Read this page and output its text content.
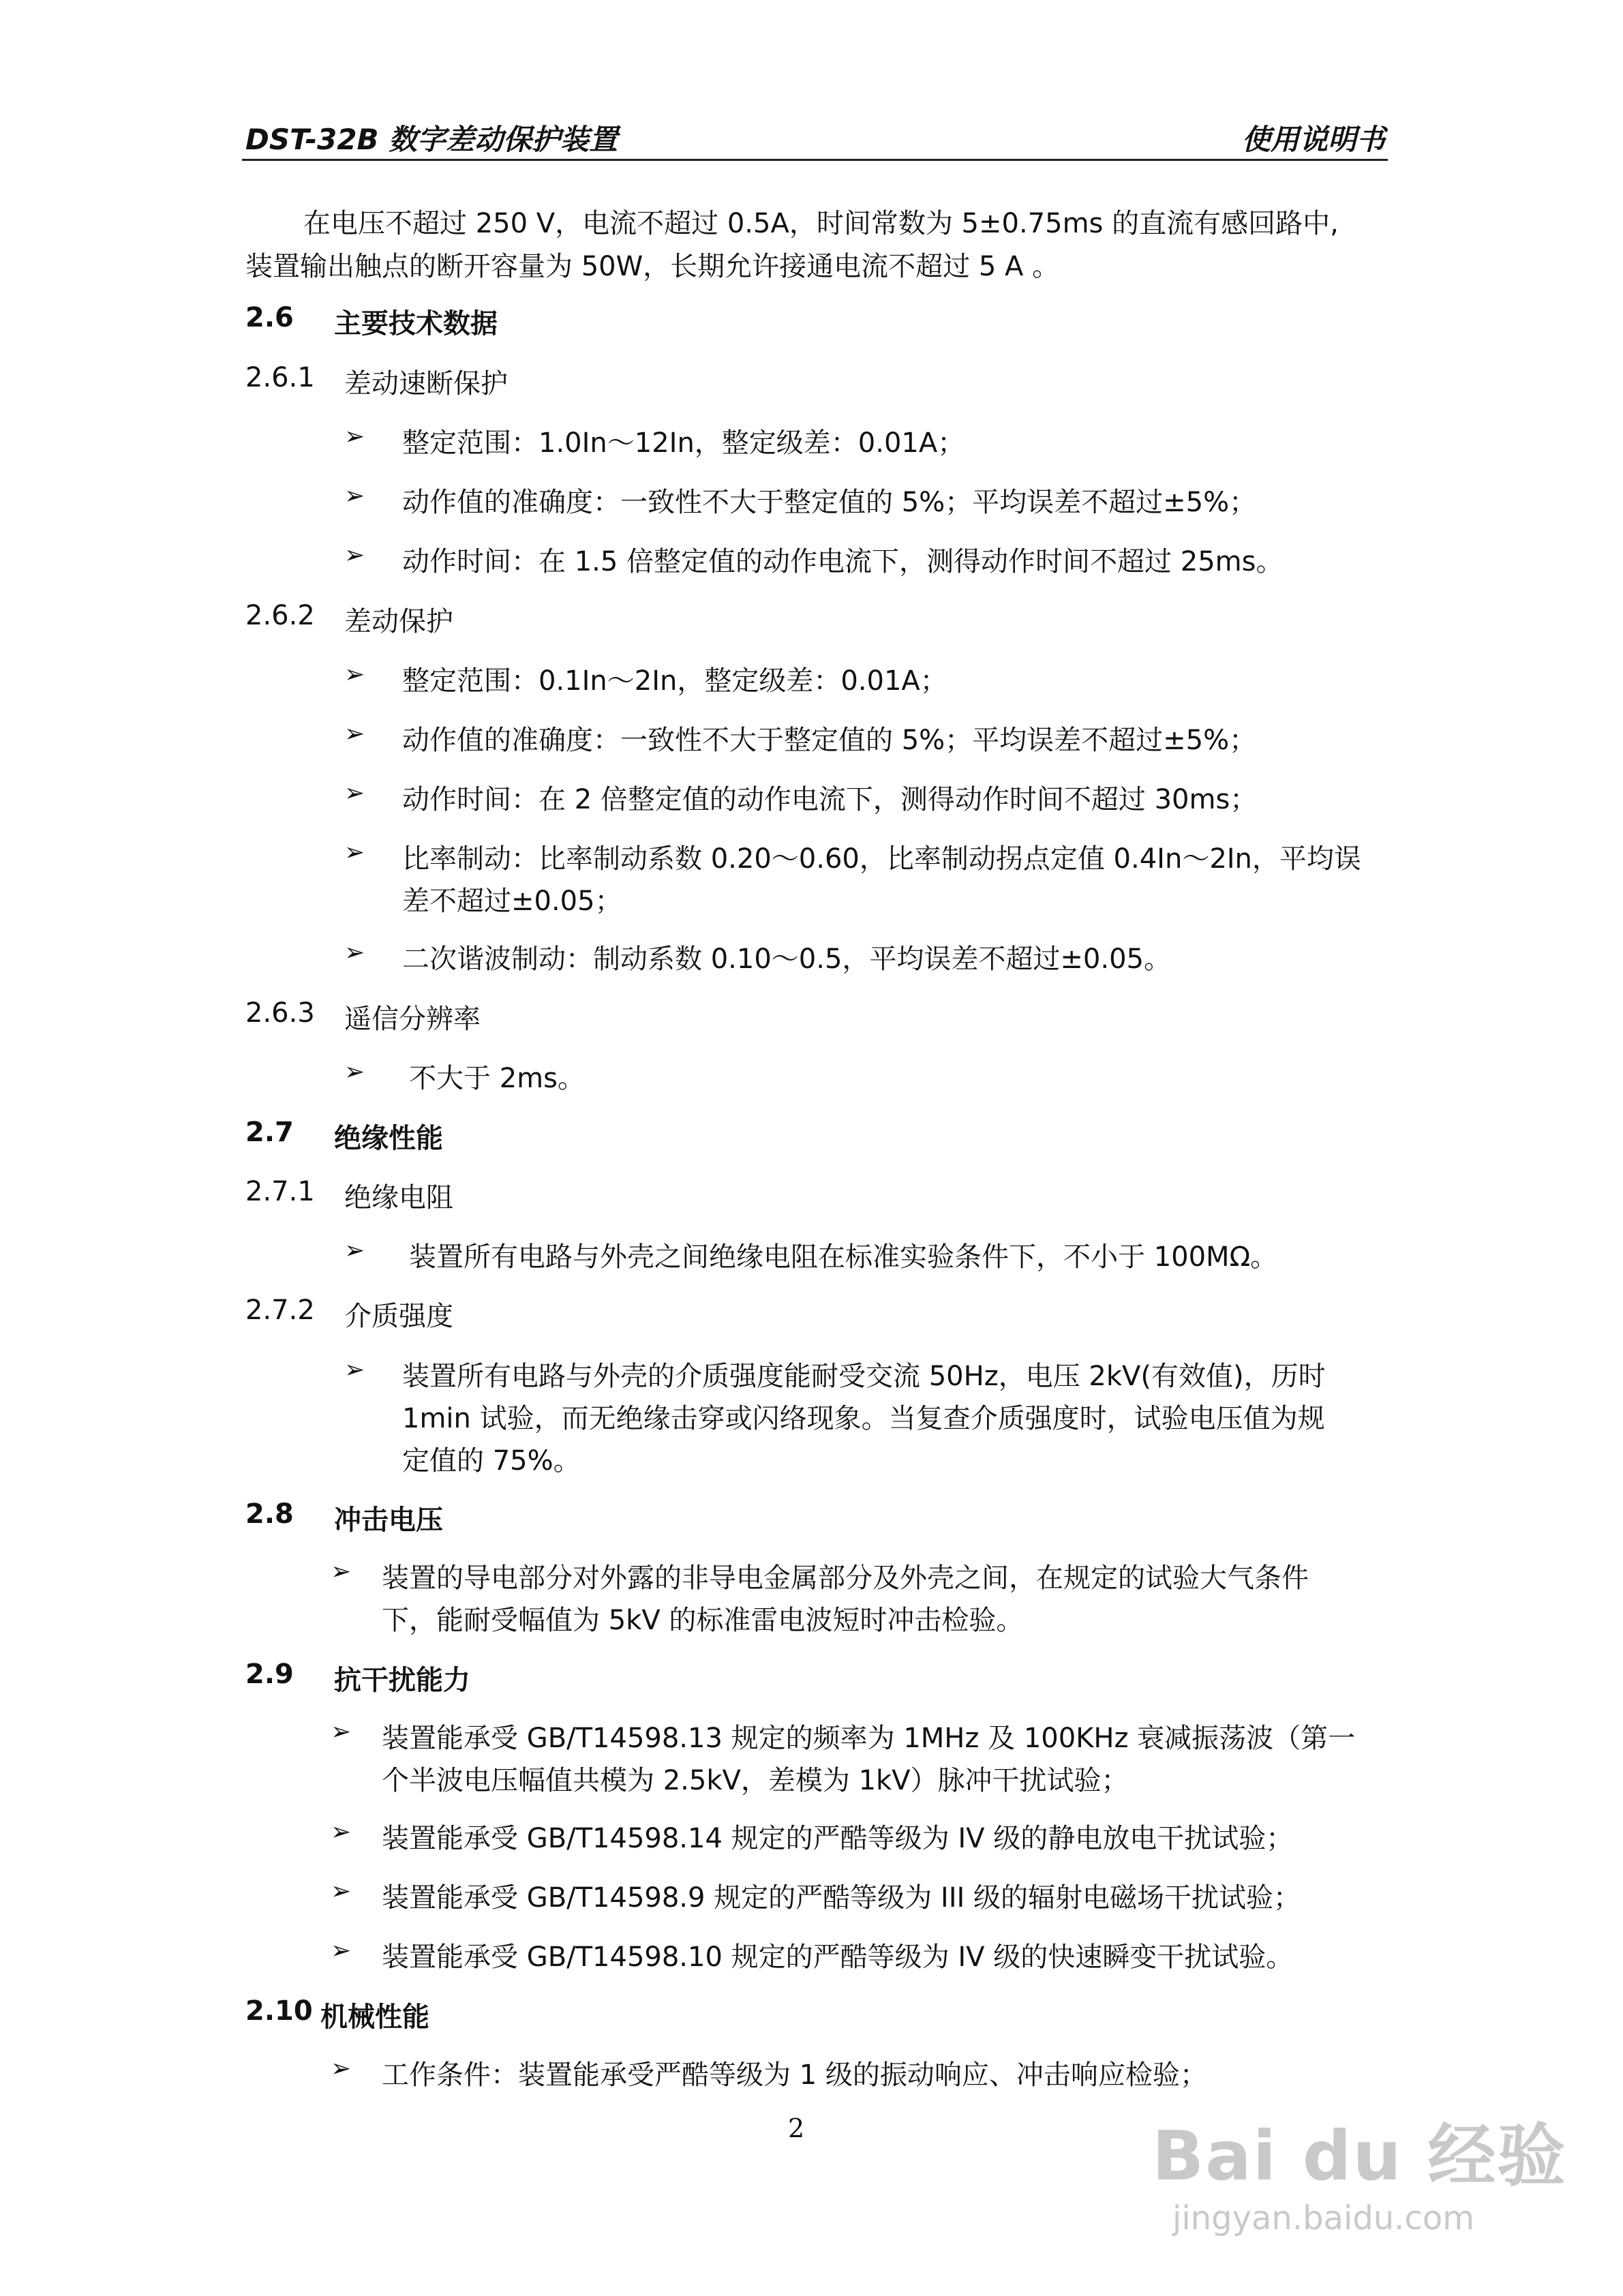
DST-32B 数字差动保护装置	使用说明书
在电压不超过 250 V，电流不超过 0.5A，时间常数为 5±0.75ms 的直流有感回路中,
装置输出触点的断开容量为 50W，长期允许接通电流不超过 5 A 。
2.6 主要技术数据
2.6.1 差动速断保护
➢ 整定范围：1.0In～12In，整定级差：0.01A；
➢ 动作值的准确度：一致性不大于整定值的 5%；平均误差不超过±5%；
➢ 动作时间：在 1.5 倍整定值的动作电流下，测得动作时间不超过 25ms。
2.6.2 差动保护
➢ 整定范围：0.1In～2In，整定级差：0.01A；
➢ 动作值的准确度：一致性不大于整定值的 5%；平均误差不超过±5%；
➢ 动作时间：在 2 倍整定值的动作电流下，测得动作时间不超过 30ms；
➢ 比率制动：比率制动系数 0.20～0.60，比率制动拐点定值 0.4In～2In，平均误
差不超过±0.05；
➢ 二次谐波制动：制动系数 0.10～0.5，平均误差不超过±0.05。
2.6.3 遥信分辨率
➢ 不大于 2ms。
2.7 绝缘性能
2.7.1 绝缘电阻
➢ 装置所有电路与外壳之间绝缘电阻在标准实验条件下，不小于 100MΩ。
2.7.2 介质强度
➢ 装置所有电路与外壳的介质强度能耐受交流 50Hz，电压 2kV(有效值)，历时
1min 试验，而无绝缘击穿或闪络现象。当复查介质强度时，试验电压值为规
定值的 75%。
2.8 冲击电压
➢ 装置的导电部分对外露的非导电金属部分及外壳之间，在规定的试验大气条件
下，能耐受幅值为 5kV 的标准雷电波短时冲击检验。
2.9 抗干扰能力
➢ 装置能承受 GB/T14598.13 规定的频率为 1MHz 及 100KHz 衰减振荡波（第一
个半波电压幅值共模为 2.5kV，差模为 1kV）脉冲干扰试验；
➢ 装置能承受 GB/T14598.14 规定的严酷等级为 IV 级的静电放电干扰试验；
➢ 装置能承受 GB/T14598.9 规定的严酷等级为 III 级的辐射电磁场干扰试验；
➢ 装置能承受 GB/T14598.10 规定的严酷等级为 IV 级的快速瞬变干扰试验。
2.10 机械性能
➢ 工作条件：装置能承受严酷等级为 1 级的振动响应、冲击响应检验；
2	Bai du 经验
jingyan.baidu.com
